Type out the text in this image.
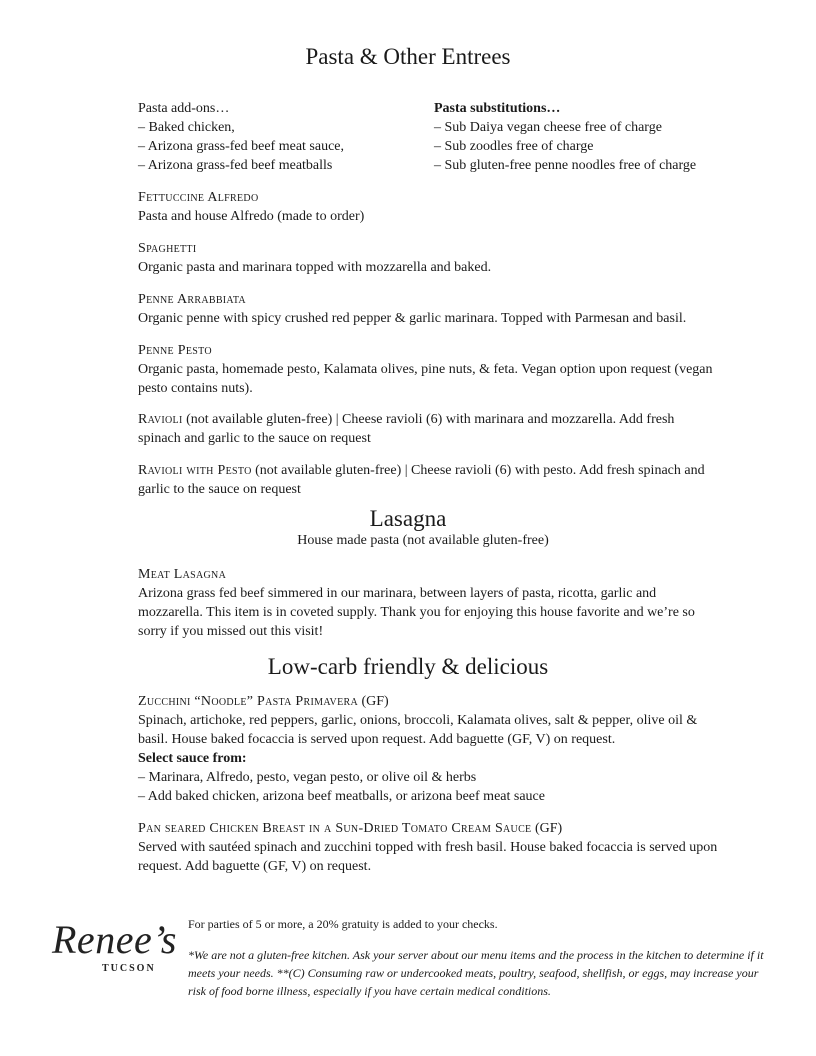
Pasta & Other Entrees
Pasta add-ons…
– Baked chicken,
– Arizona grass-fed beef meat sauce,
– Arizona grass-fed beef meatballs
Pasta substitutions…
– Sub Daiya vegan cheese free of charge
– Sub zoodles free of charge
– Sub gluten-free penne noodles free of charge
Fettuccine Alfredo
Pasta and house Alfredo (made to order)
Spaghetti
Organic pasta and marinara topped with mozzarella and baked.
Penne Arrabbiata
Organic penne with spicy crushed red pepper & garlic marinara. Topped with Parmesan and basil.
Penne Pesto
Organic pasta, homemade pesto, Kalamata olives, pine nuts, & feta. Vegan option upon request (vegan pesto contains nuts).
Ravioli (not available gluten-free) | Cheese ravioli (6) with marinara and mozzarella. Add fresh spinach and garlic to the sauce on request
Ravioli with Pesto (not available gluten-free) | Cheese ravioli (6) with pesto. Add fresh spinach and garlic to the sauce on request
Lasagna
House made pasta (not available gluten-free)
Meat Lasagna
Arizona grass fed beef simmered in our marinara, between layers of pasta, ricotta, garlic and mozzarella. This item is in coveted supply. Thank you for enjoying this house favorite and we’re so sorry if you missed out this visit!
Low-carb friendly & delicious
Zucchini “Noodle” Pasta Primavera (GF)
Spinach, artichoke, red peppers, garlic, onions, broccoli, Kalamata olives, salt & pepper, olive oil & basil. House baked focaccia is served upon request. Add baguette (GF, V) on request.
Select sauce from:
– Marinara, Alfredo, pesto, vegan pesto, or olive oil & herbs
– Add baked chicken, arizona beef meatballs, or arizona beef meat sauce
Pan seared Chicken Breast in a Sun-Dried Tomato Cream Sauce (GF)
Served with sautéed spinach and zucchini topped with fresh basil. House baked focaccia is served upon request. Add baguette (GF, V) on request.
Renee’s
TUCSON
For parties of 5 or more, a 20% gratuity is added to your checks.
*We are not a gluten-free kitchen. Ask your server about our menu items and the process in the kitchen to determine if it meets your needs. **(C) Consuming raw or undercooked meats, poultry, seafood, shellfish, or eggs, may increase your risk of food borne illness, especially if you have certain medical conditions.
